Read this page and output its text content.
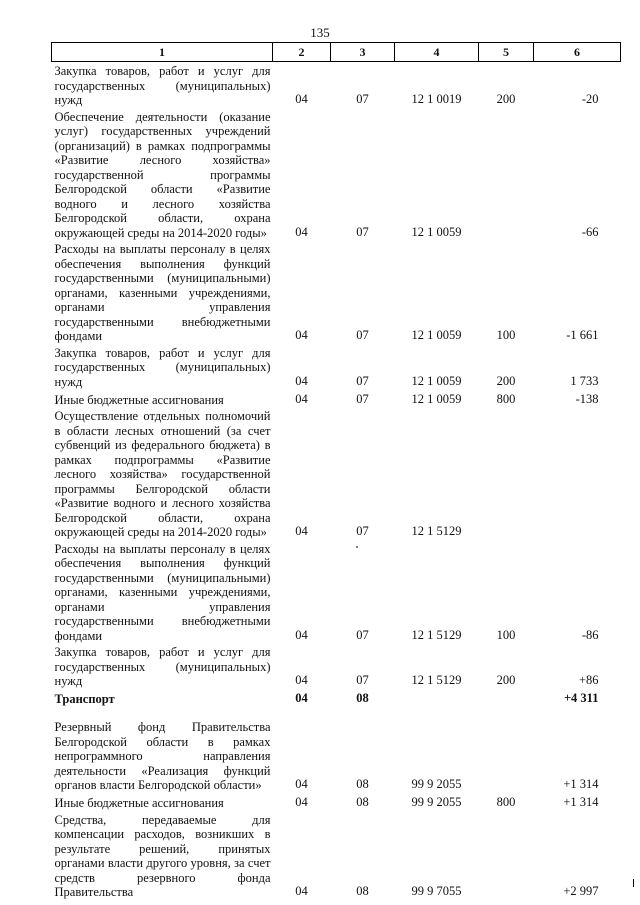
135
1	2	3	4	5	6
Закупка товаров, работ и услуг для государственных (муниципальных) нужд	04	07	12 1 0019	200	-20
Обеспечение деятельности (оказание услуг) государственных учреждений (организаций) в рамках подпрограммы «Развитие лесного хозяйства» государственной программы Белгородской области «Развитие водного и лесного хозяйства Белгородской области, охрана окружающей среды на 2014-2020 годы»	04	07	12 1 0059		-66
Расходы на выплаты персоналу в целях обеспечения выполнения функций государственными (муниципальными) органами, казенными учреждениями, органами управления государственными внебюджетными фондами	04	07	12 1 0059	100	-1 661
Закупка товаров, работ и услуг для государственных (муниципальных) нужд	04	07	12 1 0059	200	1 733
Иные бюджетные ассигнования	04	07	12 1 0059	800	-138
Осуществление отдельных полномочий в области лесных отношений (за счет субвенций из федерального бюджета) в рамках подпрограммы «Развитие лесного хозяйства» государственной программы Белгородской области «Развитие водного и лесного хозяйства Белгородской области, охрана окружающей среды на 2014-2020 годы»	04	07	12 1 5129		
Расходы на выплаты персоналу в целях обеспечения выполнения функций государственными (муниципальными) органами, казенными учреждениями, органами управления государственными внебюджетными фондами	04	07	12 1 5129	100	-86
Закупка товаров, работ и услуг для государственных (муниципальных) нужд	04	07	12 1 5129	200	+86
Транспорт	04	08			+4 311
Резервный фонд Правительства Белгородской области в рамках непрограммного направления деятельности «Реализация функций органов власти Белгородской области»	04	08	99 9 2055		+1 314
Иные бюджетные ассигнования	04	08	99 9 2055	800	+1 314
Средства, передаваемые для компенсации расходов, возникших в результате решений, принятых органами власти другого уровня, за счет средств резервного фонда Правительства	04	08	99 9 7055		+2 997
